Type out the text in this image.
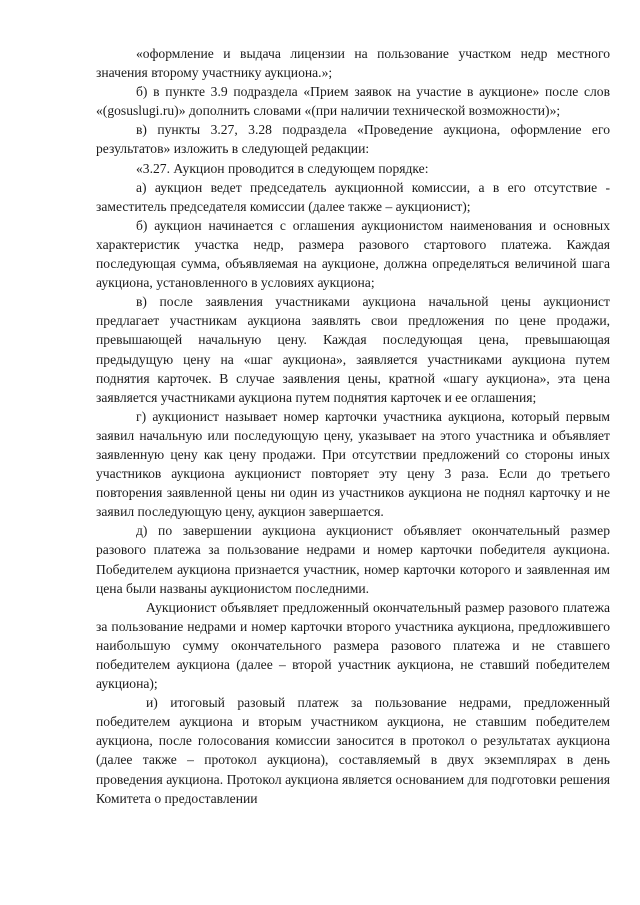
«оформление и выдача лицензии на пользование участком недр местного значения второму участнику аукциона.»;

б) в пункте 3.9 подраздела «Прием заявок на участие в аукционе» после слов «(gosuslugi.ru)» дополнить словами «(при наличии технической возможности)»;

в) пункты 3.27, 3.28 подраздела «Проведение аукциона, оформление его результатов» изложить в следующей редакции:

«3.27. Аукцион проводится в следующем порядке:

а) аукцион ведет председатель аукционной комиссии, а в его отсутствие - заместитель председателя комиссии (далее также – аукционист);

б) аукцион начинается с оглашения аукционистом наименования и основных характеристик участка недр, размера разового стартового платежа. Каждая последующая сумма, объявляемая на аукционе, должна определяться величиной шага аукциона, установленного в условиях аукциона;

в) после заявления участниками аукциона начальной цены аукционист предлагает участникам аукциона заявлять свои предложения по цене продажи, превышающей начальную цену. Каждая последующая цена, превышающая предыдущую цену на «шаг аукциона», заявляется участниками аукциона путем поднятия карточек. В случае заявления цены, кратной «шагу аукциона», эта цена заявляется участниками аукциона путем поднятия карточек и ее оглашения;

г) аукционист называет номер карточки участника аукциона, который первым заявил начальную или последующую цену, указывает на этого участника и объявляет заявленную цену как цену продажи. При отсутствии предложений со стороны иных участников аукциона аукционист повторяет эту цену 3 раза. Если до третьего повторения заявленной цены ни один из участников аукциона не поднял карточку и не заявил последующую цену, аукцион завершается.

д) по завершении аукциона аукционист объявляет окончательный размер разового платежа за пользование недрами и номер карточки победителя аукциона. Победителем аукциона признается участник, номер карточки которого и заявленная им цена были названы аукционистом последними.

Аукционист объявляет предложенный окончательный размер разового платежа за пользование недрами и номер карточки второго участника аукциона, предложившего наибольшую сумму окончательного размера разового платежа и не ставшего победителем аукциона (далее – второй участник аукциона, не ставший победителем аукциона);

и) итоговый разовый платеж за пользование недрами, предложенный победителем аукциона и вторым участником аукциона, не ставшим победителем аукциона, после голосования комиссии заносится в протокол о результатах аукциона (далее также – протокол аукциона), составляемый в двух экземплярах в день проведения аукциона. Протокол аукциона является основанием для подготовки решения Комитета о предоставлении
